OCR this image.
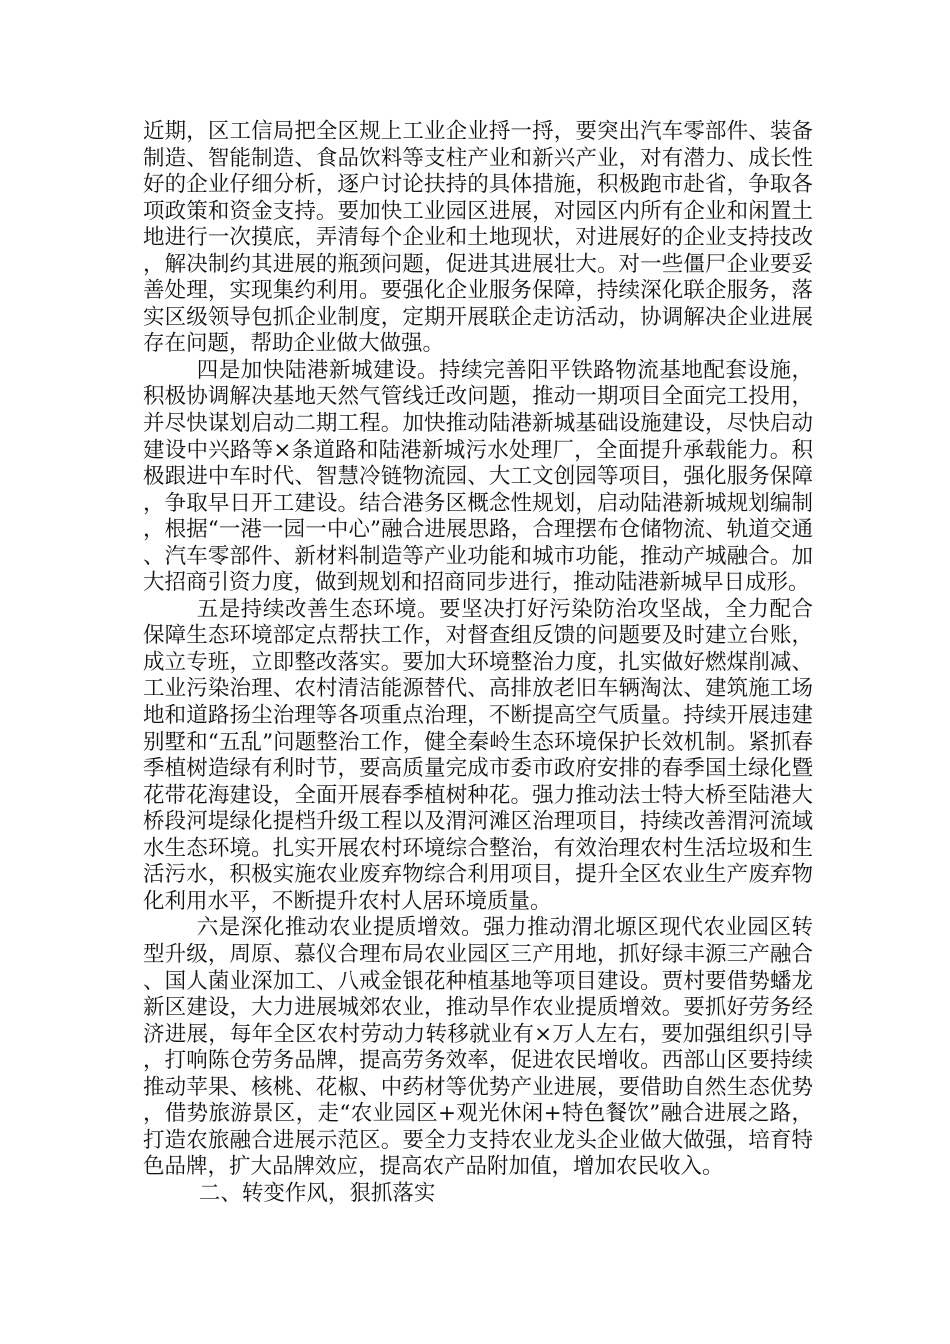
近期，区工信局把全区规上工业企业捋一捋，要突出汽车零部件、装备制造、智能制造、食品饮料等支柱产业和新兴产业，对有潜力、成长性好的企业仔细分析，逐户讨论扶持的具体措施，积极跑市赴省，争取各项政策和资金支持。要加快工业园区进展，对园区内所有企业和闲置土地进行一次摸底，弄清每个企业和土地现状，对进展好的企业支持技改，解决制约其进展的瓶颈问题，促进其进展壮大。对一些僵尸企业要妥善处理，实现集约利用。要强化企业服务保障，持续深化联企服务，落实区级领导包抓企业制度，定期开展联企走访活动，协调解决企业进展存在问题，帮助企业做大做强。

四是加快陆港新城建设。持续完善阳平铁路物流基地配套设施，积极协调解决基地天然气管线迁改问题，推动一期项目全面完工投用，并尽快谋划启动二期工程。加快推动陆港新城基础设施建设，尽快启动建设中兴路等×条道路和陆港新城污水处理厂，全面提升承载能力。积极跟进中车时代、智慧冷链物流园、大工文创园等项目，强化服务保障，争取早日开工建设。结合港务区概念性规划，启动陆港新城规划编制，根据“一港一园一中心”融合进展思路，合理摆布仓储物流、轨道交通、汽车零部件、新材料制造等产业功能和城市功能，推动产城融合。加大招商引资力度，做到规划和招商同步进行，推动陆港新城早日成形。

五是持续改善生态环境。要坚决打好污染防治攻坚战，全力配合保障生态环境部定点帮扶工作，对督查组反馈的问题要及时建立台账，成立专班，立即整改落实。要加大环境整治力度，扎实做好燃煤削减、工业污染治理、农村清洁能源替代、高排放老旧车辆淘汰、建筑施工场地和道路扬尘治理等各项重点治理，不断提高空气质量。持续开展违建别墅和“五乱”问题整治工作，健全秦岭生态环境保护长效机制。紧抓春季植树造绿有利时节，要高质量完成市委市政府安排的春季国土绿化暨花带花海建设，全面开展春季植树种花。强力推动法士特大桥至陆港大桥段河堤绿化提档升级工程以及渭河滩区治理项目，持续改善渭河流域水生态环境。扎实开展农村环境综合整治，有效治理农村生活垃圾和生活污水，积极实施农业废弃物综合利用项目，提升全区农业生产废弃物化利用水平，不断提升农村人居环境质量。

六是深化推动农业提质增效。强力推动渭北塬区现代农业园区转型升级，周原、慕仪合理布局农业园区三产用地，抓好绿丰源三产融合、国人菌业深加工、八戒金银花种植基地等项目建设。贾村要借势蟠龙新区建设，大力进展城郊农业，推动旱作农业提质增效。要抓好劳务经济进展，每年全区农村劳动力转移就业有×万人左右，要加强组织引导，打响陈仓劳务品牌，提高劳务效率，促进农民增收。西部山区要持续推动苹果、核桃、花椒、中药材等优势产业进展，要借助自然生态优势，借势旅游景区，走“农业园区+观光休闲+特色餐饮”融合进展之路，打造农旅融合进展示范区。要全力支持农业龙头企业做大做强，培育特色品牌，扩大品牌效应，提高农产品附加值，增加农民收入。

二、转变作风，狠抓落实
